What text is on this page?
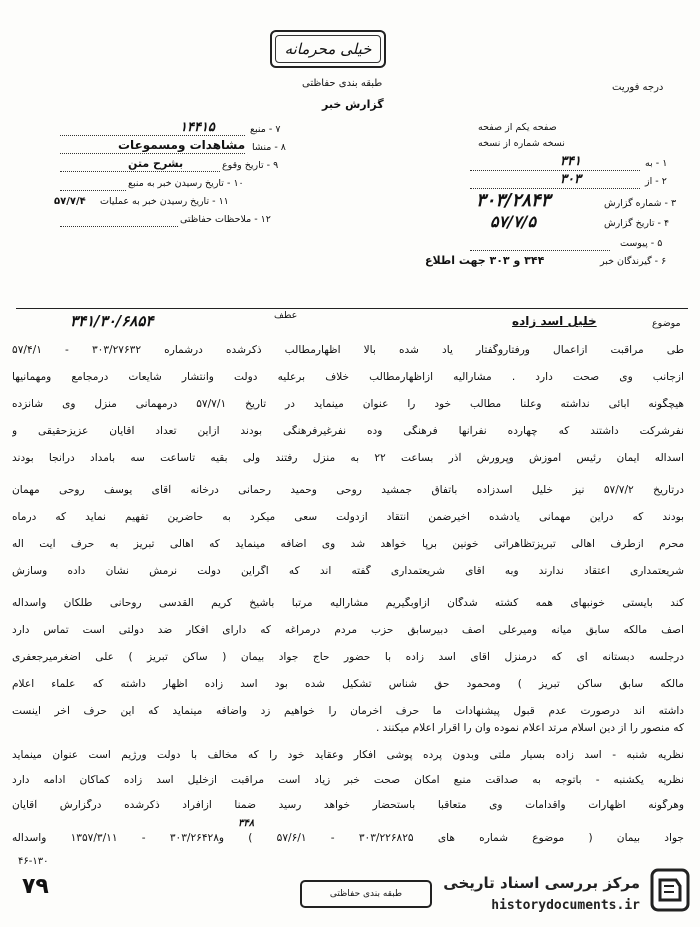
خیلی محرمانه
طبقه بندی حفاظتی	درجه فوریت
گزارش خبر
صفحه یکم از صفحه
نسخه شماره از نسخه
۱ - به
۳۴۱
۲ - از
۳۰۳
۳ - شماره گزارش
۳۰۳/۲۸۴۳
۴ - تاریخ گزارش
۵۷/۷/۵
۵ - پیوست
۶ - گیرندگان خبر
۳۴۴ و ۳۰۳ جهت اطلاع
۷ - منبع
۱۴۴۱۵
۸ - منشا
مشاهدات ومسموعات
۹ - تاریخ وقوع
بشرح متن
۱۰ - تاریخ رسیدن خبر به منبع
۱۱ - تاریخ رسیدن خبر به عملیات
۵۷/۷/۴
۱۲ - ملاحظات حفاظتی
موضوع
خلیل اسد زاده
عطف
۳۴۱/۳۰/۶۸۵۴
طی مراقبت ازاعمال ورفتاروگفتار یاد شده بالا اظهارمطالب ذکرشده درشماره ۳۰۳/۲۷۶۳۲ - ۵۷/۴/۱
ازجانب وی صحت دارد . مشارالیه ازاظهارمطالب خلاف برعلیه دولت وانتشار شایعات درمجامع ومهمانیها
هیچگونه ابائی نداشته وعلنا مطالب خود را عنوان مینماید در تاریخ ۵۷/۷/۱ درمهمانی منزل وی شانزده
نفرشرکت داشتند که چهارده نفرآنها فرهنگی وده نفرغیرفرهنگی بودند ازاین تعداد آقایان عزیزحقیقی و
اسداله ایمان رئیس آموزش وپرورش آذر بساعت ۲۲ به منزل رفتند ولی بقیه تاساعت سه بامداد درآنجا بودند
درتاریخ ۵۷/۷/۲ نیز خلیل اسدزاده باتفاق جمشید روحی وحمید رحمانی درخانه آقای یوسف روحی مهمان
بودند که دراین مهمانی یادشده اخیرضمن انتقاد ازدولت سعی میکرد به حاضرین تفهیم نماید که درماه
محرم ازطرف اهالی تبریزتظاهراتی خونین برپا خواهد شد وی اضافه مینماید که اهالی تبریز به حرف آیت اله
شریعتمداری اعتقاد ندارند وبه آقای شریعتمداری گفته اند که اگراین دولت نرمش نشان داده وسازش
کند بایستی خونبهای همه کشته شدگان ازاوبگیریم مشارالیه مرتبا باشیخ کریم القدسی روحانی طلکان واسداله
اصف مالکه سابق میانه ومیرعلی آصف دبیرسابق حزب مردم درمراغه که دارای افکار ضد دولتی است تماس دارد
درجلسه دبستانه ای که درمنزل آقای اسد زاده با حضور حاج جواد بیمان ( ساکن تبریز ) علی اضغرمیرجعفری
مالکه سابق ساکن تبریز ) ومحمود حق شناس تشکیل شده بود اسد زاده اظهار داشته که علماء اعلام
داشته اند درصورت عدم قبول پیشنهادات ما حرف آخرمان را خواهیم زد واضافه مینماید که این حرف آخر اینست
که منصور را از دین اسلام مرتد اعلام نموده وآن را اقرار اعلام میکنند .
نظریه شنبه - اسد زاده بسیار ملتی وبدون پرده پوشی افکار وعقاید خود را که مخالف با دولت ورژیم است عنوان مینماید
نظریه یکشنبه - باتوجه به صداقت منبع امکان صحت خبر زیاد است مراقبت ازخلیل اسد زاده کماکان ادامه دارد
وهرگونه اظهارات واقدامات وی متعاقبا باستحضار خواهد رسید ضمنا ازافراد ذکرشده درگزارش آقایان
جواد بیمان ( موضوع شماره های ۳۰۳/۲۲۶۸۲۵ - ۵۷/۶/۱ ) و۳۰۳/۲۶۴۲۸ - ۱۳۵۷/۳/۱۱ واسداله
۳۴۸
۴۶-۱۳۰
طبقه بندی حفاظتی
۷۹	مرکز بررسی اسناد تاریخی
historydocuments.ir
